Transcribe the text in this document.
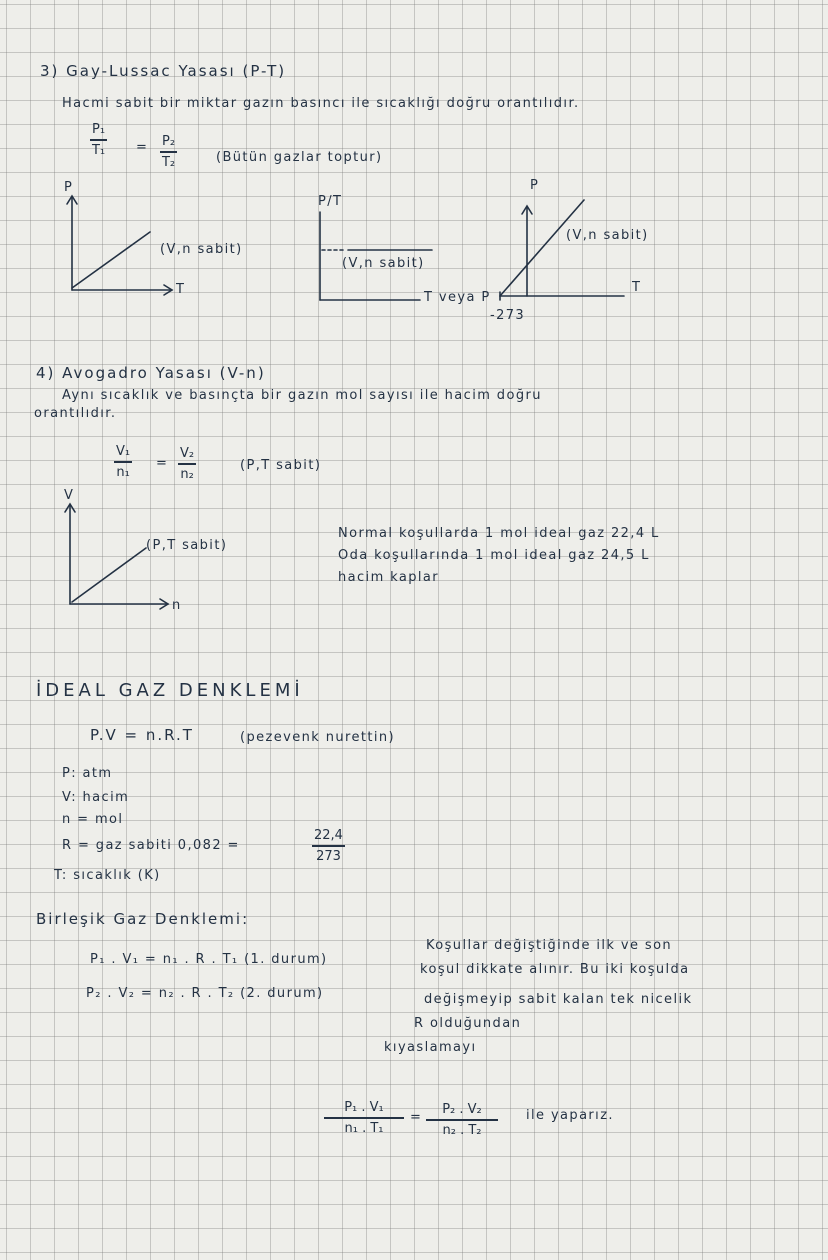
3) Gay-Lussac Yasası (P-T)
Hacmi sabit bir miktar gazın basıncı ile sıcaklığı doğru orantılıdır.
P₁
T₁ = P₂
T₂	(Bütün gazlar toptur)
P
(V,n sabit)
T
P/T
(V,n sabit)
T veya P
P
(V,n sabit)
T
-273
4) Avogadro Yasası (V-n)
Aynı sıcaklık ve basınçta bir gazın mol sayısı ile hacim doğru
orantılıdır.
V₁
n₁
=
V₂
n₂
(P,T sabit)
V
(P,T sabit)
n
Normal koşullarda 1 mol ideal gaz 22,4 L
Oda koşullarında 1 mol ideal gaz 24,5 L
hacim kaplar
İDEAL GAZ DENKLEMİ
P.V = n.R.T	(pezevenk nurettin)
P: atm
V: hacim
n = mol
R = gaz sabiti 0,082 =
22,4
273
T: sıcaklık (K)
Birleşik Gaz Denklemi:
P₁ . V₁ = n₁ . R . T₁ (1. durum)
P₂ . V₂ = n₂ . R . T₂ (2. durum)
Koşullar değiştiğinde ilk ve son
koşul dikkate alınır. Bu iki koşulda
değişmeyip sabit kalan tek nicelik
R olduğundan
kıyaslamayı
P₁ . V₁
n₁ . T₁
=
P₂ . V₂
n₂ . T₂
ile yaparız.
